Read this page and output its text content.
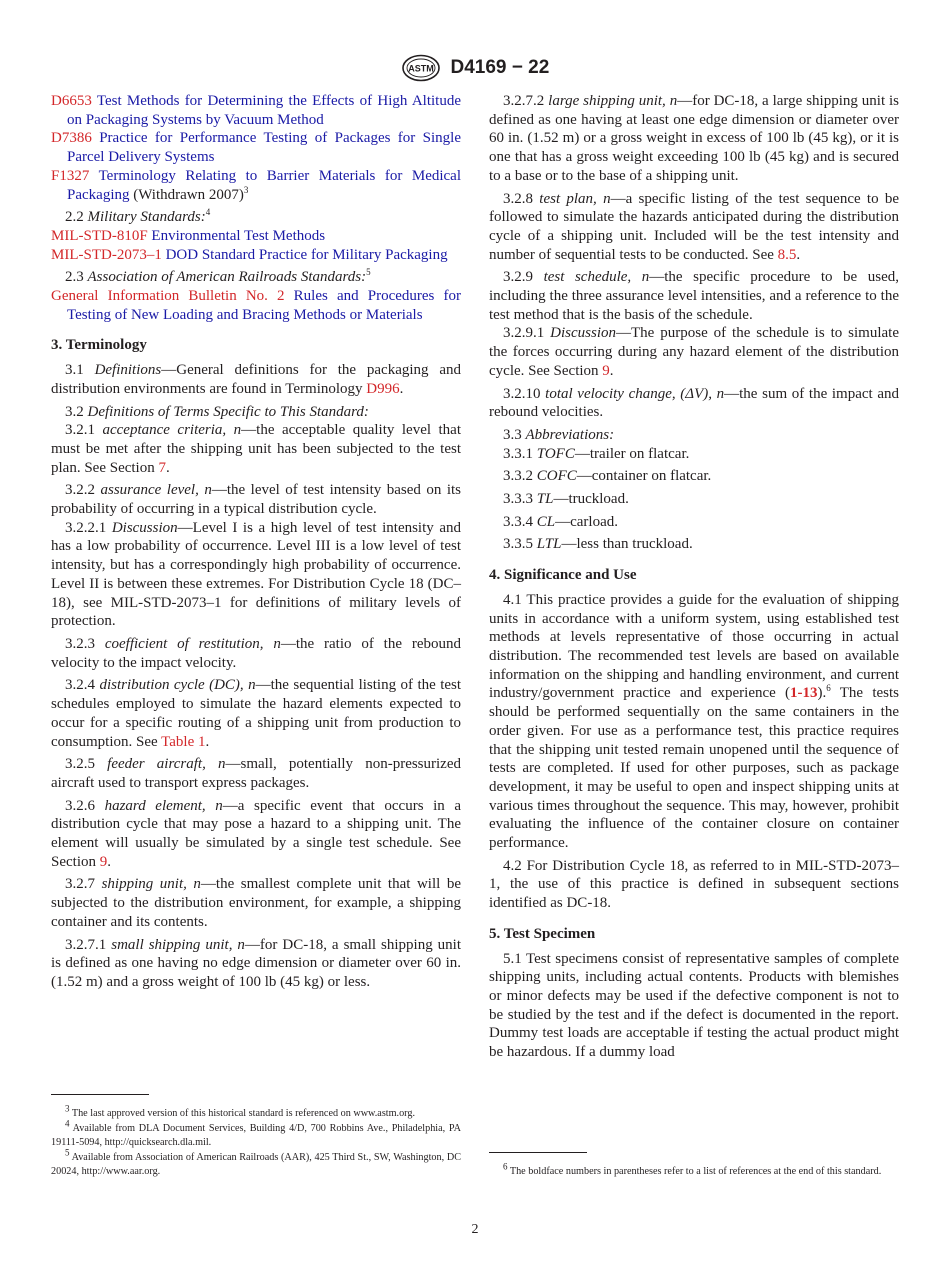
ASTM D4169 − 22

D6653 Test Methods for Determining the Effects of High Altitude on Packaging Systems by Vacuum Method

D7386 Practice for Performance Testing of Packages for Single Parcel Delivery Systems

F1327 Terminology Relating to Barrier Materials for Medical Packaging (Withdrawn 2007)$^3$

2.2 Military Standards:$^4$

MIL-STD-810F Environmental Test Methods

MIL-STD-2073–1 DOD Standard Practice for Military Packaging

2.3 Association of American Railroads Standards:$^5$

General Information Bulletin No. 2 Rules and Procedures for Testing of New Loading and Bracing Methods or Materials

3. Terminology

3.1 Definitions—General definitions for the packaging and distribution environments are found in Terminology D996.

3.2 Definitions of Terms Specific to This Standard:

3.2.1 acceptance criteria, n—the acceptable quality level that must be met after the shipping unit has been subjected to the test plan. See Section 7.

3.2.2 assurance level, n—the level of test intensity based on its probability of occurring in a typical distribution cycle.

3.2.2.1 Discussion—Level I is a high level of test intensity and has a low probability of occurrence. Level III is a low level of test intensity, but has a correspondingly high probability of occurrence. Level II is between these extremes. For Distribution Cycle 18 (DC–18), see MIL-STD-2073–1 for definitions of military levels of protection.

3.2.3 coefficient of restitution, n—the ratio of the rebound velocity to the impact velocity.

3.2.4 distribution cycle (DC), n—the sequential listing of the test schedules employed to simulate the hazard elements expected to occur for a specific routing of a shipping unit from production to consumption. See Table 1.

3.2.5 feeder aircraft, n—small, potentially non-pressurized aircraft used to transport express packages.

3.2.6 hazard element, n—a specific event that occurs in a distribution cycle that may pose a hazard to a shipping unit. The element will usually be simulated by a single test schedule. See Section 9.

3.2.7 shipping unit, n—the smallest complete unit that will be subjected to the distribution environment, for example, a shipping container and its contents.

3.2.7.1 small shipping unit, n—for DC-18, a small shipping unit is defined as one having no edge dimension or diameter over 60 in. (1.52 m) and a gross weight of 100 lb (45 kg) or less.

3.2.7.2 large shipping unit, n—for DC-18, a large shipping unit is defined as one having at least one edge dimension or diameter over 60 in. (1.52 m) or a gross weight in excess of 100 lb (45 kg), or it is one that has a gross weight exceeding 100 lb (45 kg) and is secured to a base or to the base of a shipping unit.

3.2.8 test plan, n—a specific listing of the test sequence to be followed to simulate the hazards anticipated during the distribution cycle of a shipping unit. Included will be the test intensity and number of sequential tests to be conducted. See 8.5.

3.2.9 test schedule, n—the specific procedure to be used, including the three assurance level intensities, and a reference to the test method that is the basis of the schedule.

3.2.9.1 Discussion—The purpose of the schedule is to simulate the forces occurring during any hazard element of the distribution cycle. See Section 9.

3.2.10 total velocity change, (ΔV), n—the sum of the impact and rebound velocities.

3.3 Abbreviations:

3.3.1 TOFC—trailer on flatcar.

3.3.2 COFC—container on flatcar.

3.3.3 TL—truckload.

3.3.4 CL—carload.

3.3.5 LTL—less than truckload.

4. Significance and Use

4.1 This practice provides a guide for the evaluation of shipping units in accordance with a uniform system, using established test methods at levels representative of those occurring in actual distribution. The recommended test levels are based on available information on the shipping and handling environment, and current industry/government practice and experience (1-13).$^6$ The tests should be performed sequentially on the same containers in the order given. For use as a performance test, this practice requires that the shipping unit tested remain unopened until the sequence of tests are completed. If used for other purposes, such as package development, it may be useful to open and inspect shipping units at various times throughout the sequence. This may, however, prohibit evaluating the influence of the container closure on container performance.

4.2 For Distribution Cycle 18, as referred to in MIL-STD-2073–1, the use of this practice is defined in subsequent sections identified as DC-18.

5. Test Specimen

5.1 Test specimens consist of representative samples of complete shipping units, including actual contents. Products with blemishes or minor defects may be used if the defective component is not to be studied by the test and if the defect is documented in the report. Dummy test loads are acceptable if testing the actual product might be hazardous. If a dummy load

$^3$ The last approved version of this historical standard is referenced on www.astm.org.

$^4$ Available from DLA Document Services, Building 4/D, 700 Robbins Ave., Philadelphia, PA 19111-5094, http://quicksearch.dla.mil.

$^5$ Available from Association of American Railroads (AAR), 425 Third St., SW, Washington, DC 20024, http://www.aar.org.	$^6$ The boldface numbers in parentheses refer to a list of references at the end of this standard.

2
